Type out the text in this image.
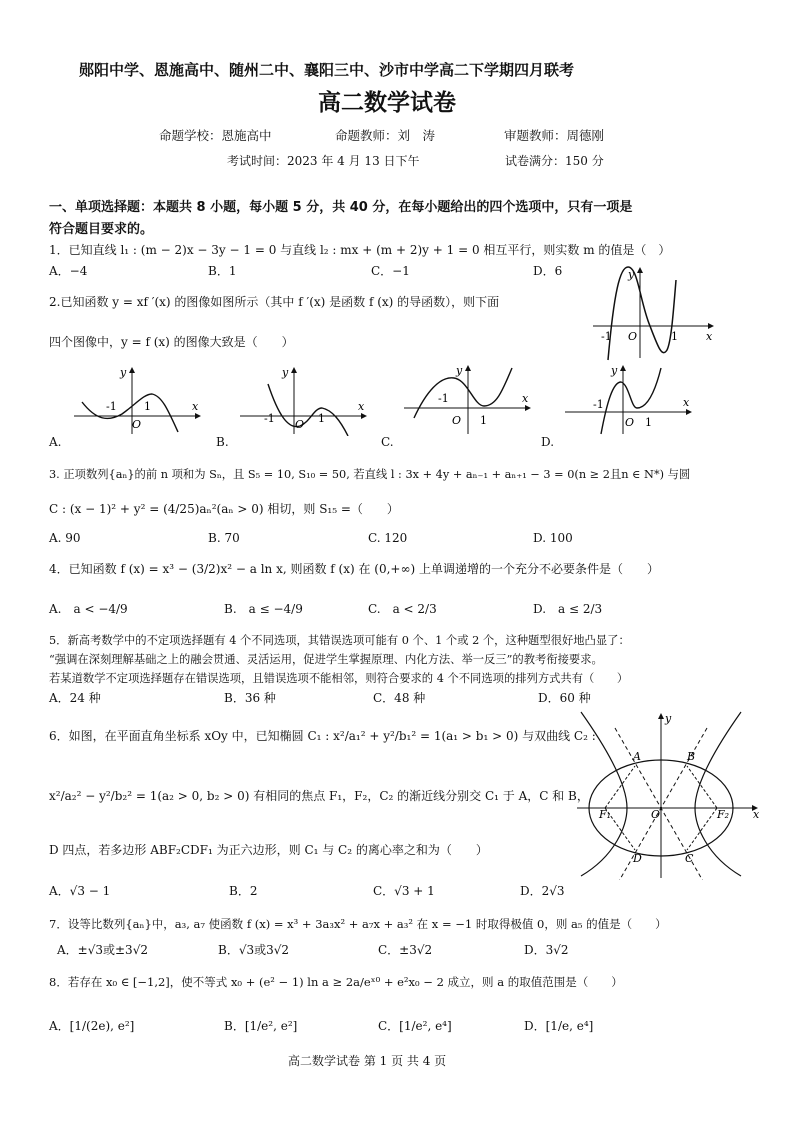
郧阳中学、恩施高中、随州二中、襄阳三中、沙市中学高二下学期四月联考
高二数学试卷
命题学校：恩施高中	命题教师：刘　涛	审题教师：周德刚
考试时间：2023 年 4 月 13 日下午	试卷满分：150 分
一、单项选择题：本题共 8 小题，每小题 5 分，共 40 分，在每小题给出的四个选项中，只有一项是
符合题目要求的。
1．已知直线 l₁ : (m − 2)x − 3y − 1 = 0 与直线 l₂ : mx + (m + 2)y + 1 = 0 相互平行，则实数 m 的值是（　）
A．−4	B．1	C．−1	D．6
2.已知函数 y = xf ′(x) 的图像如图所示（其中 f ′(x) 是函数 f (x) 的导函数），则下面
四个图像中，y = f (x) 的图像大致是（　　）
y
x
-1 O	1
y
x
-1
O
1
A.
y
x
-1 O 1
B.
y
x
-1
O 1
C.
y
x
-1
O 1
D.
3. 正项数列{aₙ}的前 n 项和为 Sₙ，且 S₅ = 10, S₁₀ = 50, 若直线 l : 3x + 4y + aₙ₋₁ + aₙ₊₁ − 3 = 0(n ≥ 2且n ∈ N*) 与圆
C : (x − 1)² + y² = (4/25)aₙ²(aₙ > 0) 相切，则 S₁₅ =（　　）
A. 90	B. 70	C. 120	D. 100
4．已知函数 f (x) = x³ − (3/2)x² − a ln x, 则函数 f (x) 在 (0,+∞) 上单调递增的一个充分不必要条件是（　　）
A.　a < −4/9	B.　a ≤ −4/9	C.　a < 2/3	D.　a ≤ 2/3
5．新高考数学中的不定项选择题有 4 个不同选项，其错误选项可能有 0 个、1 个或 2 个，这种题型很好地凸显了：
“强调在深刻理解基础之上的融会贯通、灵活运用，促进学生掌握原理、内化方法、举一反三”的教考衔接要求。
若某道数学不定项选择题存在错误选项，且错误选项不能相邻，则符合要求的 4 个不同选项的排列方式共有（　　）
A．24 种	B．36 种	C．48 种	D．60 种
6．如图，在平面直角坐标系 xOy 中，已知椭圆 C₁ : x²/a₁² + y²/b₁² = 1(a₁ > b₁ > 0) 与双曲线 C₂ :
x²/a₂² − y²/b₂² = 1(a₂ > 0, b₂ > 0) 有相同的焦点 F₁，F₂，C₂ 的渐近线分别交 C₁ 于 A，C 和 B，
D 四点，若多边形 ABF₂CDF₁ 为正六边形，则 C₁ 与 C₂ 的离心率之和为（　　）
y
x
O
A	B
C
D
F₁	F₂
A．√3 − 1	B．2	C．√3 + 1	D．2√3
7．设等比数列{aₙ}中，a₃, a₇ 使函数 f (x) = x³ + 3a₃x² + a₇x + a₃² 在 x = −1 时取得极值 0，则 a₅ 的值是（　　）
A．±√3或±3√2	B．√3或3√2	C．±3√2	D．3√2
8．若存在 x₀ ∈ [−1,2]，使不等式 x₀ + (e² − 1) ln a ≥ 2a/eˣ⁰ + e²x₀ − 2 成立，则 a 的取值范围是（　　）
A．[1/(2e), e²]	B．[1/e², e²]	C．[1/e², e⁴]	D．[1/e, e⁴]
高二数学试卷 第 1 页 共 4 页
